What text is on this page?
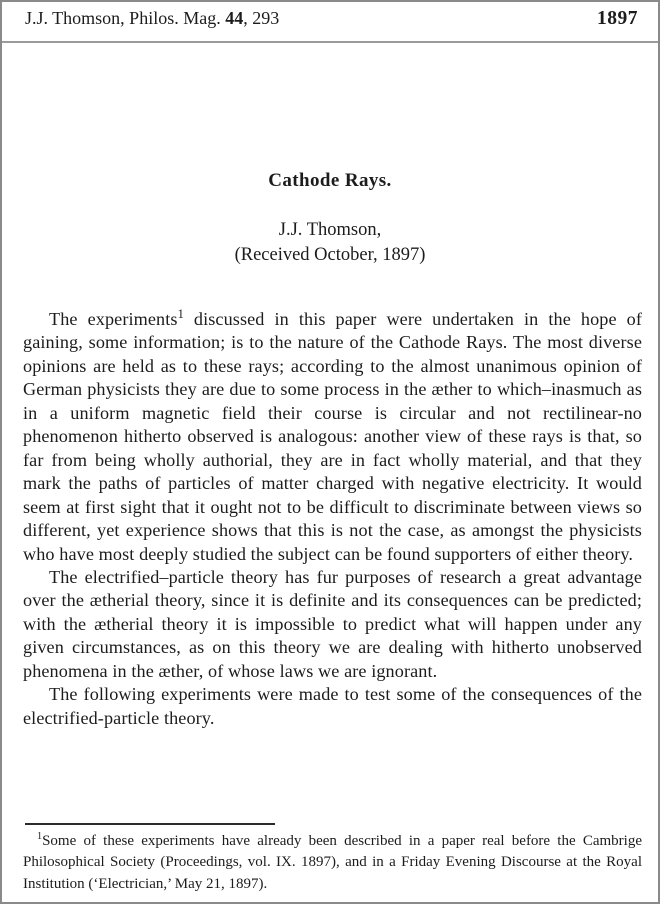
J.J. Thomson, Philos. Mag. 44, 293	1897
Cathode Rays.
J.J. Thomson,
(Received October, 1897)

The experiments$^1$ discussed in this paper were undertaken in the hope of gaining, some information; is to the nature of the Cathode Rays. The most diverse opinions are held as to these rays; according to the almost unanimous opinion of German physicists they are due to some process in the æther to which–inasmuch as in a uniform magnetic field their course is circular and not rectilinear-no phenomenon hitherto observed is analogous: another view of these rays is that, so far from being wholly authorial, they are in fact wholly material, and that they mark the paths of particles of matter charged with negative electricity. It would seem at first sight that it ought not to be difficult to discriminate between views so different, yet experience shows that this is not the case, as amongst the physicists who have most deeply studied the subject can be found supporters of either theory.

The electrified–particle theory has fur purposes of research a great advantage over the ætherial theory, since it is definite and its consequences can be predicted; with the ætherial theory it is impossible to predict what will happen under any given circumstances, as on this theory we are dealing with hitherto unobserved phenomena in the æther, of whose laws we are ignorant.

The following experiments were made to test some of the consequences of the electrified-particle theory.

$^1$Some of these experiments have already been described in a paper real before the Cambrige Philosophical Society (Proceedings, vol. IX. 1897), and in a Friday Evening Discourse at the Royal Institution (‘Electrician,’ May 21, 1897).
